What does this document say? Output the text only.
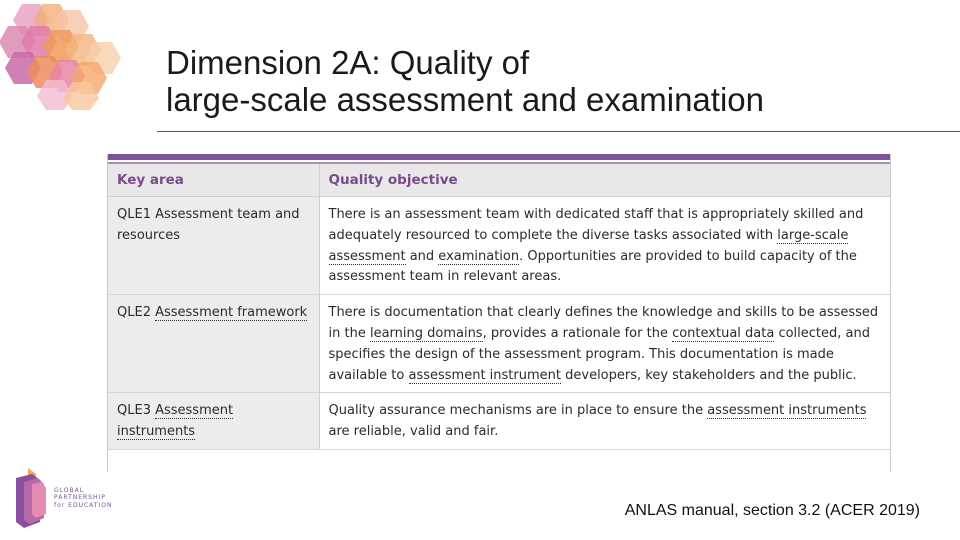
Dimension 2A: Quality of
large-scale assessment and examination
Key area	Quality objective
QLE1 Assessment team and resources	There is an assessment team with dedicated staff that is appropriately skilled and adequately resourced to complete the diverse tasks associated with large-scale assessment and examination. Opportunities are provided to build capacity of the assessment team in relevant areas.
QLE2 Assessment framework	There is documentation that clearly defines the knowledge and skills to be assessed in the learning domains, provides a rationale for the contextual data collected, and specifies the design of the assessment program. This documentation is made available to assessment instrument developers, key stakeholders and the public.
QLE3 Assessment instruments	Quality assurance mechanisms are in place to ensure the assessment instruments are reliable, valid and fair.
GLOBAL
PARTNERSHIP
for EDUCATION	ANLAS manual, section 3.2 (ACER 2019)
